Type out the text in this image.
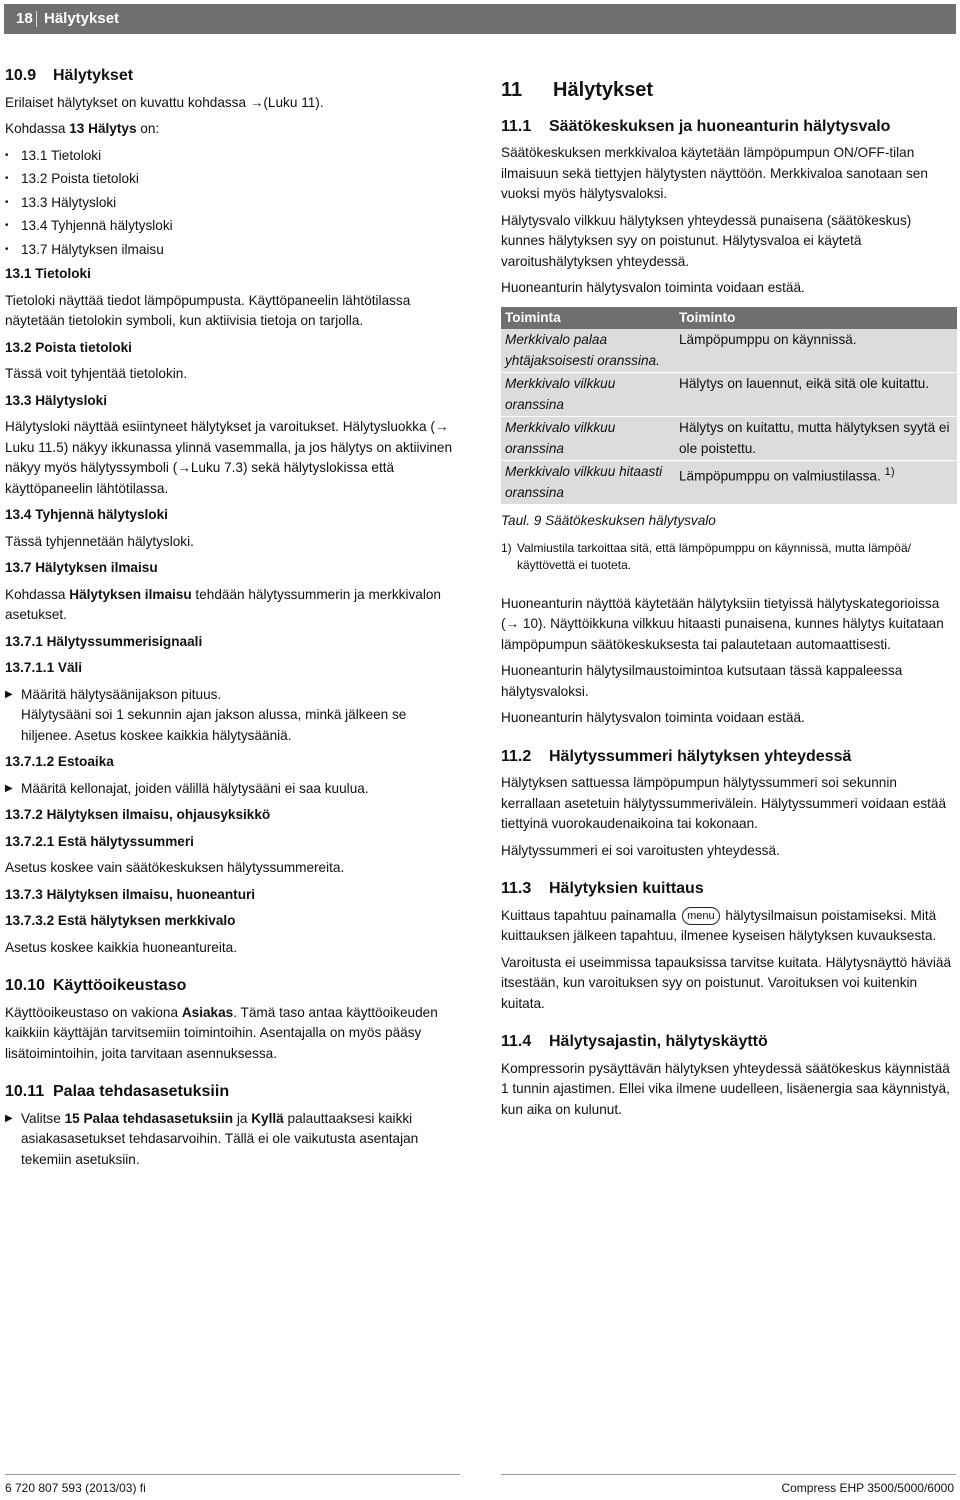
18 Hälytykset
10.9 Hälytykset

Erilaiset hälytykset on kuvattu kohdassa →(Luku 11).

Kohdassa 13 Hälytys on:

• 13.1 Tietoloki
• 13.2 Poista tietoloki
• 13.3 Hälytysloki
• 13.4 Tyhjennä hälytysloki
• 13.7 Hälytyksen ilmaisu
13.1 Tietoloki

Tietoloki näyttää tiedot lämpöpumpusta. Käyttöpaneelin lähtötilassa näytetään tietolokin symboli, kun aktiivisia tietoja on tarjolla.

13.2 Poista tietoloki

Tässä voit tyhjentää tietolokin.

13.3 Hälytysloki

Hälytysloki näyttää esiintyneet hälytykset ja varoitukset. Hälytysluokka (→ Luku 11.5) näkyy ikkunassa ylinnä vasemmalla, ja jos hälytys on aktiivinen näkyy myös hälytyssymboli (→Luku 7.3) sekä hälytyslokissa että käyttöpaneelin lähtötilassa.

13.4 Tyhjennä hälytysloki

Tässä tyhjennetään hälytysloki.

13.7 Hälytyksen ilmaisu

Kohdassa Hälytyksen ilmaisu tehdään hälytyssummerin ja merkkivalon asetukset.

13.7.1 Hälytyssummerisignaali
13.7.1.1 Väli
▶ Määritä hälytysäänijakson pituus.
Hälytysääni soi 1 sekunnin ajan jakson alussa, minkä jälkeen se hiljenee. Asetus koskee kaikkia hälytysääniä.
13.7.1.2 Estoaika
▶ Määritä kellonajat, joiden välillä hälytysääni ei saa kuulua.
13.7.2 Hälytyksen ilmaisu, ohjausyksikkö
13.7.2.1 Estä hälytyssummeri

Asetus koskee vain säätökeskuksen hälytyssummereita.

13.7.3 Hälytyksen ilmaisu, huoneanturi
13.7.3.2 Estä hälytyksen merkkivalo

Asetus koskee kaikkia huoneantureita.

10.10 Käyttöoikeustaso

Käyttöoikeustaso on vakiona Asiakas. Tämä taso antaa käyttöoikeuden kaikkiin käyttäjän tarvitsemiin toimintoihin. Asentajalla on myös pääsy lisätoimintoihin, joita tarvitaan asennuksessa.

10.11 Palaa tehdasasetuksiin
▶ Valitse 15 Palaa tehdasasetuksiin ja Kyllä palauttaaksesi kaikki asiakasasetukset tehdasarvoihin. Tällä ei ole vaikutusta asentajan tekemiin asetuksiin.
11 Hälytykset
11.1 Säätökeskuksen ja huoneanturin hälytysvalo

Säätökeskuksen merkkivaloa käytetään lämpöpumpun ON/OFF-tilan ilmaisuun sekä tiettyjen hälytysten näyttöön. Merkkivaloa sanotaan sen vuoksi myös hälytysvaloksi.

Hälytysvalo vilkkuu hälytyksen yhteydessä punaisena (säätökeskus) kunnes hälytyksen syy on poistunut. Hälytysvaloa ei käytetä varoitushälytyksen yhteydessä.

Huoneanturin hälytysvalon toiminta voidaan estää.

Toiminta	Toiminto
Merkkivalo palaa yhtäjaksoisesti oranssina.	Lämpöpumppu on käynnissä.
Merkkivalo vilkkuu oranssina	Hälytys on lauennut, eikä sitä ole kuitattu.
Merkkivalo vilkkuu oranssina	Hälytys on kuitattu, mutta hälytyksen syytä ei ole poistettu.
Merkkivalo vilkkuu hitaasti oranssina	Lämpöpumppu on valmiustilassa. $^{1)}$
Taul. 9 Säätökeskuksen hälytysvalo
1) Valmiustila tarkoittaa sitä, että lämpöpumppu on käynnissä, mutta lämpöä/ käyttövettä ei tuoteta.

Huoneanturin näyttöä käytetään hälytyksiin tietyissä hälytyskategorioissa (→ 10). Näyttöikkuna vilkkuu hitaasti punaisena, kunnes hälytys kuitataan lämpöpumpun säätökeskuksesta tai palautetaan automaattisesti.

Huoneanturin hälytysilmaustoimintoa kutsutaan tässä kappaleessa hälytysvaloksi.

Huoneanturin hälytysvalon toiminta voidaan estää.

11.2 Hälytyssummeri hälytyksen yhteydessä

Hälytyksen sattuessa lämpöpumpun hälytyssummeri soi sekunnin kerrallaan asetetuin hälytyssummerivälein. Hälytyssummeri voidaan estää tiettyinä vuorokaudenaikoina tai kokonaan.

Hälytyssummeri ei soi varoitusten yhteydessä.

11.3 Hälytyksien kuittaus

Kuittaus tapahtuu painamalla menu hälytysilmaisun poistamiseksi. Mitä kuittauksen jälkeen tapahtuu, ilmenee kyseisen hälytyksen kuvauksesta.

Varoitusta ei useimmissa tapauksissa tarvitse kuitata. Hälytysnäyttö häviää itsestään, kun varoituksen syy on poistunut. Varoituksen voi kuitenkin kuitata.

11.4 Hälytysajastin, hälytyskäyttö

Kompressorin pysäyttävän hälytyksen yhteydessä säätökeskus käynnistää 1 tunnin ajastimen. Ellei vika ilmene uudelleen, lisäenergia saa käynnistyä, kun aika on kulunut.

6 720 807 593 (2013/03) fi	Compress EHP 3500/5000/6000
